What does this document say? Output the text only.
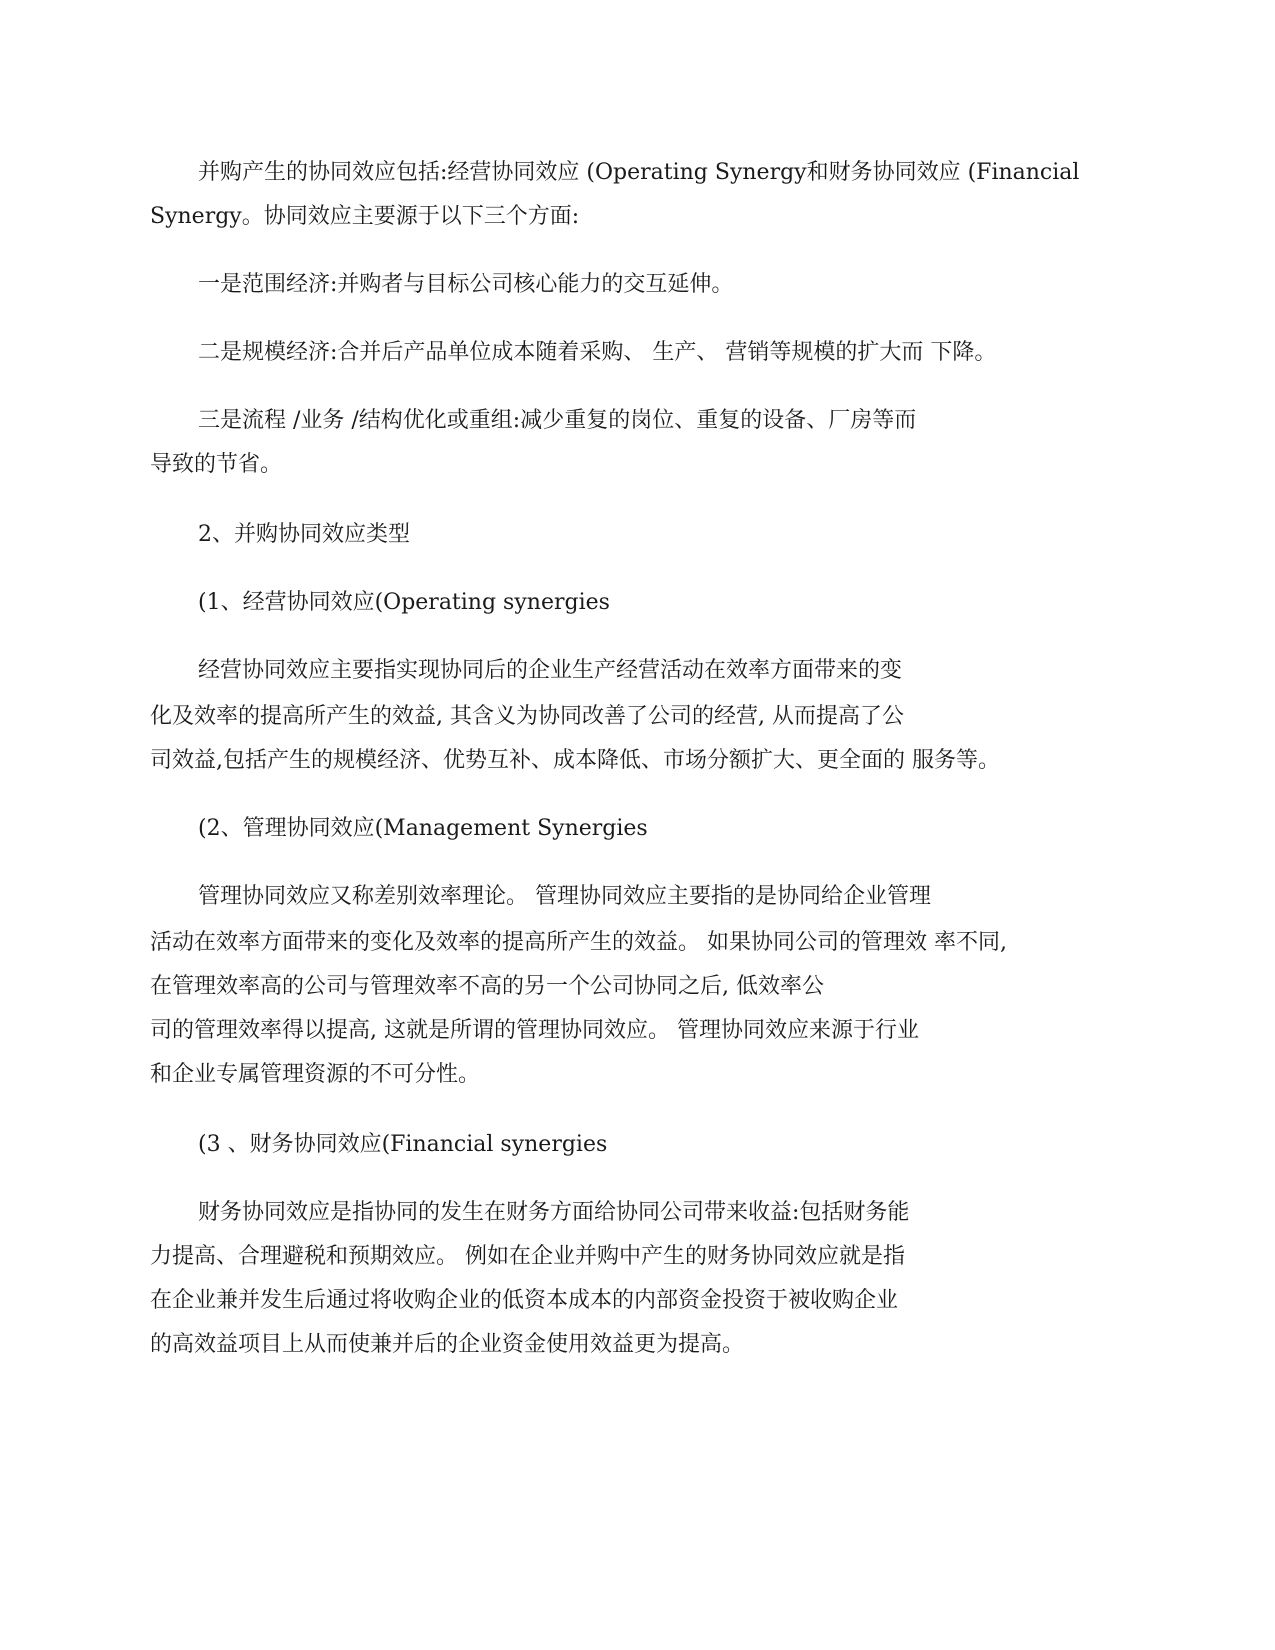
并购产生的协同效应包括:经营协同效应 (Operating Synergy和财务协同效应 (Financial
Synergy。协同效应主要源于以下三个方面:
一是范围经济:并购者与目标公司核心能力的交互延伸。
二是规模经济:合并后产品单位成本随着采购、 生产、 营销等规模的扩大而 下降。
三是流程 /业务 /结构优化或重组:减少重复的岗位、重复的设备、厂房等而
导致的节省。
2、并购协同效应类型
(1、经营协同效应(Operating synergies
经营协同效应主要指实现协同后的企业生产经营活动在效率方面带来的变
化及效率的提高所产生的效益, 其含义为协同改善了公司的经营, 从而提高了公
司效益,包括产生的规模经济、优势互补、成本降低、市场分额扩大、更全面的 服务等。
(2、管理协同效应(Management Synergies
管理协同效应又称差别效率理论。 管理协同效应主要指的是协同给企业管理
活动在效率方面带来的变化及效率的提高所产生的效益。 如果协同公司的管理效 率不同,
在管理效率高的公司与管理效率不高的另一个公司协同之后, 低效率公
司的管理效率得以提高, 这就是所谓的管理协同效应。 管理协同效应来源于行业
和企业专属管理资源的不可分性。
(3 、财务协同效应(Financial synergies
财务协同效应是指协同的发生在财务方面给协同公司带来收益:包括财务能
力提高、合理避税和预期效应。 例如在企业并购中产生的财务协同效应就是指
在企业兼并发生后通过将收购企业的低资本成本的内部资金投资于被收购企业
的高效益项目上从而使兼并后的企业资金使用效益更为提高。
